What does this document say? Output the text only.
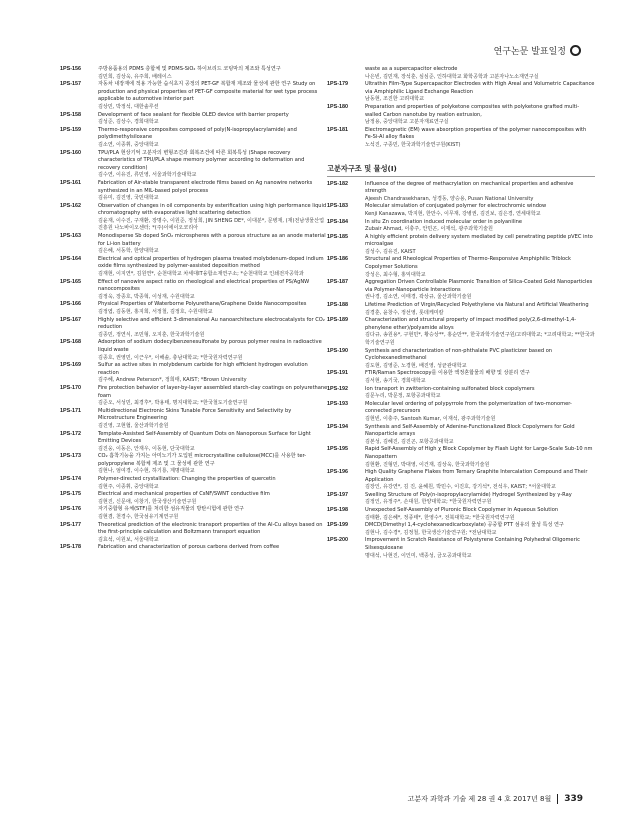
연구논문 발표일정
1PS-156	주방용품용의 PDMS 층합체 및 PDMS-SiO₂ 하이브리드 코팅막의 제조와 특성연구
김민희, 김상욱, 유주희, 배레이스
1PS-157	자동차 내장재에 적용 가능한 습식초지 공정의 PET-GF 복합재 제조와 물성에 관한 연구 Study on production and physical properties of PET-GF composite material for wet type process applicable to automotive interior part
김상민, 박정석, 대한솔루션
1PS-158	Development of face sealant for flexible OLED device with barrier property
김성준, 김상수, 경희대학교
1PS-159	Thermo-responsive composites composed of poly(N-isopropylacrylamide) and polydimethylsiloxane
김소연, 이종휘, 중앙대학교
1PS-160	TPU/PLA 현상기억 고분자의 변형조건과 회복조건에 따른 회복특성 (Shape recovery characteristics of TPU/PLA shape memory polymer according to deformation and recovery condition)
김수연, 이유진, 류민영, 서울과학기술대학교
1PS-161	Fabrication of Air-stable transparent electrode films based on Ag nanowire networks synthesized in an MIL-based polyol process
김유미, 김진영, 국민대학교
1PS-162	Observation of changes in oil components by esterification using high performance liquid chromatography with evaporative light scattering detection
김윤재, 이수진, 구재환, 장명수, 이원준, 정성희, JIN SHENG DE*, 이대분*, 문병재, (재)전남생물산업진흥원 나노바이오센터; *(주)이에이오코리아
1PS-163	Monodisperse Sb doped SnO₂ microspheres with a porous structure as an anode material for Li-ion battery
김은혜, 서동학, 한양대학교
1PS-164	Electrical and optical properties of hydrogen plasma treated molybdenum-doped indium oxide films synthesized by polymer-assisted deposition method
김재현, 이지연*, 김원연*, 순천대학교 차세대IT융합소재연구소; *순천대학교 인쇄전자공학과
1PS-165	Effect of nanowire aspect ratio on rheological and electrical properties of PS/AgNW nanocomposites
김정욱, 장종호, 박종혁, 이성재, 수원대학교
1PS-166	Physical Properties of Waterborne Polyurethane/Graphene Oxide Nanocomposites
김정엽, 김동현, 홍지희, 서정철, 김정호, 수원대학교
1PS-167	Highly selective and efficient 3-dimensional Au nanoarchitecture electrocatalysts for CO₂ reduction
김종민, 정연식, 조민형, 오지훈, 한국과학기술원
1PS-168	Adsorption of sodium dodecylbenzenesulfonate by porous polymer resins in radioactive liquid waste
김종호, 권영민, 이근우*, 이해솔, 충남대학교; *한국원자력연구원
1PS-169	Sulfur as active sites in molybdenum carbide for high efficient hydrogen evolution reaction
김주혜, Andrew Peterson*, 정희태, KAIST; *Brown University
1PS-170	Fire protection behavior of layer-by-layer assembled starch-clay coatings on polyurethane foam
김준오, 서성민, 최경후*, 박용태, 명지대학교; *한국철도기술연구원
1PS-171	Multidirectional Electronic Skins Tunable Force Sensitivity and Selectivity by Microstructure Engineering
김진영, 고현협, 울산과학기술원
1PS-172	Template-Assisted Self-Assembly of Quantum Dots on Nanoporous Surface for Light Emitting Devices
김진웅, 이동은, 안재우, 이동현, 단국대학교
1PS-173	CO₂ 흡착기능을 가지는 아미노기가 도입된 microcrystalline cellulose(MCC)를 사용한 ter-polypropylene 복합체 제조 및 그 물성에 관한 연구
김현나, 엄여경, 이수현, 하기룡, 계명대학교
1PS-174	Polymer-directed crystallization: Changing the properties of quercetin
김현주, 이종휘, 중앙대학교
1PS-175	Electrical and mechanical properties of CsNF/SWNT conductive film
김현진, 신문애, 이창기, 한국생산기술연구원
1PS-176	자기중합형 유체(STF)를 처리한 섬유직물의 방탄시험에 관한 연구
김현겸, 천경수, 한국섬유기계연구원
1PS-177	Theoretical prediction of the electronic transport properties of the Al-Cu alloys based on the first-principle calculation and Boltzmann transport equation
김효석, 이원보, 서울대학교
1PS-178	Fabrication and characterization of porous carbons derived from coffee
waste as a supercapacitor electrode
나은빈, 김민재, 장석훈, 심심준, 인하대학교 화학공학과 고분자나노소재연구실
1PS-179	Ultrathin Film-Type Supercapacitor Electrodes with High Areal and Volumetric Capacitance via Amphiphilic Ligand Exchange Reaction
남동현, 조진한 고려대학교
1PS-180	Preparation and properties of polyketone composites with polyketone grafted multi-walled Carbon nanotube by reation extrusion,
남정용, 중앙대학교 고분자재료연구실
1PS-181	Electromagnetic (EM) wave absorption properties of the polymer nanocomposites with Fe-Si-Al alloy flakes
노석진, 구종민, 한국과학기술연구원(KIST)
고분자구조 및 물성(I)
1PS-182	Influence of the degree of methacrylation on mechanical properties and adhesive strength
Ajeesh Chandrasekharan, 성경동, 양승용, Pusan National University
1PS-183	Molecular simulation of conjugated polymer for electrochromic window
Kenji Kanazawa, 박지현, 한만수, 이무재, 강병권, 김진보, 김은경, 연세대학교
1PS-184	In situ Zn coordination induced molecular order in polyaniline
Zubair Ahmad, 이충주, 안민곤, 이재석, 광주과학기술원
1PS-185	A highly efficient protein delivery system mediated by cell penetrating peptide pVEC into microalgae
김성수, 김유진, KAIST
1PS-186	Structural and Rheological Properties of Thermo-Responsive Amphiphilic Triblock Copolymer Solutions
강성은, 최수형, 홍익대학교
1PS-187	Aggregation Driven Controllable Plasmonic Transition of Silica-Coated Gold Nanoparticles via Polymer-Nanoparticle Interactions
권나경, 김소연, 이태경, 곽상규, 울산과학기술원
1PS-188	Lifetime Prediction of Virgin/Recycled Polyethylene via Natural and Artificial Weathering
김경훈, 윤창수, 정선영, 롯데케미칼
1PS-189	Characterization and structural property of impact modified poly(2,6-dimethyl-1,4-phenylene ether)/polyamide alloys
김다규, 송원용*, 구현민*, 황승상**, 홍순만**, 한국과학기술연구원/고려대학교; *고려대학교; **한국과학기술연구원
1PS-190	Synthesis and characterization of non-phthalate PVC plasticizer based on Cyclohexanedimethanol
김도현, 김영준, 노경현, 배진영, 성균관대학교
1PS-191	FTIR/Raman Spectroscopy를 이용한 액정혼합물의 배향 및 상분리 연구
김서현, 송기국, 경희대학교
1PS-192	Ion transport in zwitterion-containing sulfonated block copolymers
김문누리, 박문정, 포항공과대학교
1PS-193	Molecular level ordering of polypyrrole from the polymerization of two-monomer-connected precursors
김현빈, 이충주, Santosh Kumar, 이재석, 광주과학기술원
1PS-194	Synthesis and Self-Assembly of Adenine-Functionalized Block Copolymers for Gold Nanoparticle arrays
김본성, 김혜진, 김진곤, 포항공과대학교
1PS-195	Rapid Self-Assembly of High χ Block Copolymer by Flash Light for Large-Scale Sub-10 nm Nanopattern
김현환, 진형민, 박대영, 이건재, 김상욱, 한국과학기술원
1PS-196	High Quality Graphene Flakes from Ternary Graphite Intercalation Compound and Their Application
김장인, 유강연*, 김 진, 윤혜원, 박민수, 이진호, 강기석*, 전석우, KAIST; *서울대학교
1PS-197	Swelling Structure of Poly(n-isopropylacrylamide) Hydrogel Synthesized by γ-Ray
김정인, 유정주*, 손대원, 한양대학교; *한국원자력연구원
1PS-198	Unexpected Self-Assembly of Pluronic Block Copolymer in Aqueous Solution
김태환, 김은혜*, 정종태*, 한영수*, 전북대학교; *한국원자력연구원
1PS-199	DMCD(Dimethyl 1,4-cyclohexanedicarboxylate) 공중합 PTT 섬유의 물성 특성 연구
김현나, 김수경*, 김정철, 한국생산기술연구원; *전남대학교
1PS-200	Improvement in Scratch Resistance of Polystyrene Containing Polyhedral Oligomeric Silsesquioxane
명대석, 나현진, 이인미, 백종성, 금오공과대학교
고분자 과학과 기술 제 28 권 4 호 2017년 8월 339
